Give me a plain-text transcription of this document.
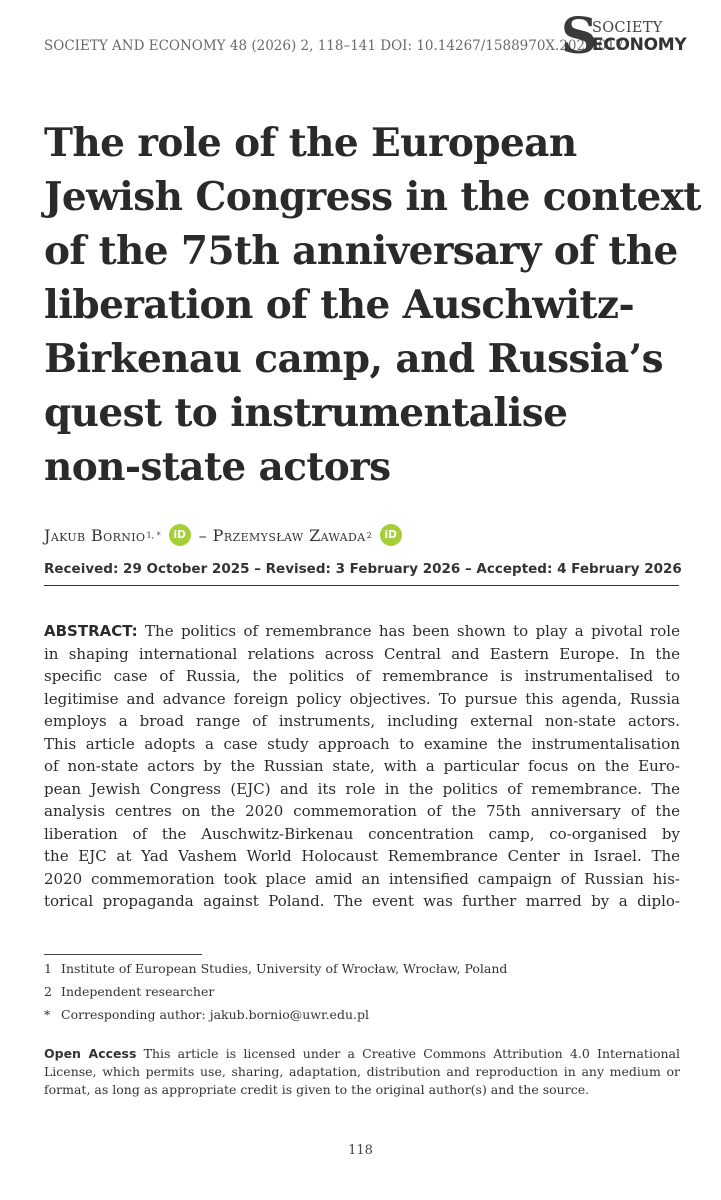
SOCIETY AND ECONOMY 48 (2026) 2, 118–141 DOI: 10.14267/1588970X.2026.017
S
SOCIETY
ECONOMY
The role of the European
Jewish Congress in the context
of the 75th anniversary of the
liberation of the Auschwitz-
Birkenau camp, and Russia’s
quest to instrumentalise
non-state actors
Jakub Bornio 1, *	iD – Przemysław Zawada 2	iD
Received: 29 October 2025 – Revised: 3 February 2026 – Accepted: 4 February 2026
ABSTRACT: The politics of remembrance has been shown to play a pivotal role
in shaping international relations across Central and Eastern Europe. In the
specific case of Russia, the politics of remembrance is instrumentalised to
legitimise and advance foreign policy objectives. To pursue this agenda, Russia
employs a broad range of instruments, including external non-state actors.
This article adopts a case study approach to examine the instrumentalisation
of non-state actors by the Russian state, with a particular focus on the Euro-
pean Jewish Congress (EJC) and its role in the politics of remembrance. The
analysis centres on the 2020 commemoration of the 75th anniversary of the
liberation of the Auschwitz-Birkenau concentration camp, co-organised by
the EJC at Yad Vashem World Holocaust Remembrance Center in Israel. The
2020 commemoration took place amid an intensified campaign of Russian his-
torical propaganda against Poland. The event was further marred by a diplo-
1 Institute of European Studies, University of Wrocław, Wrocław, Poland
2 Independent researcher
* Corresponding author: jakub.bornio@uwr.edu.pl
Open Access This article is licensed under a Creative Commons Attribution 4.0 International
License, which permits use, sharing, adaptation, distribution and reproduction in any medium or
format, as long as appropriate credit is given to the original author(s) and the source.
118
